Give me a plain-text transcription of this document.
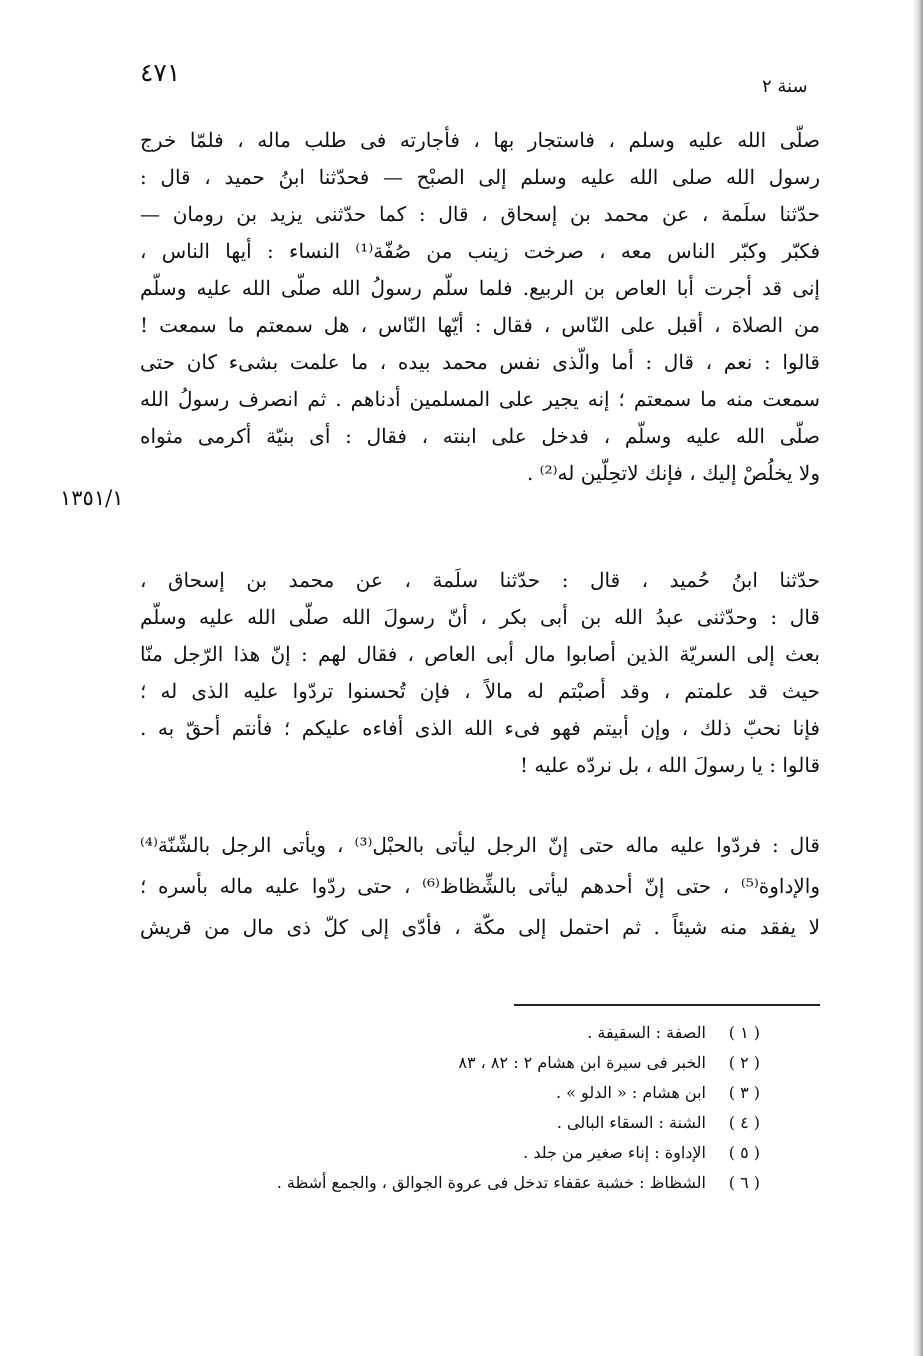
٤٧١	سنة ٢
١٣٥١/١
صلّى الله عليه وسلم ، فاستجار بها ، فأجارته فى طلب ماله ، فلمّا خرج
رسول الله صلى الله عليه وسلم إلى الصبْح — فحدّثنا ابنُ حميد ، قال :
حدّثنا سلَمة ، عن محمد بن إسحاق ، قال : كما حدّثنى يزيد بن رومان —
فكبّر وكبّر الناس معه ، صرخت زينب من صُفّة⁽¹⁾ النساء : أيها الناس ،
إنى قد أجرت أبا العاص بن الربيع. فلما سلّم رسولُ الله صلّى الله عليه وسلّم
من الصلاة ، أقبل على النّاس ، فقال : أيّها النّاس ، هل سمعتم ما سمعت !
قالوا : نعم ، قال : أما والّذى نفس محمد بيده ، ما علمت بشىء كان حتى
سمعت منه ما سمعتم ؛ إنه يجير على المسلمين أدناهم . ثم انصرف رسولُ الله
صلّى الله عليه وسلّم ، فدخل على ابنته ، فقال : أى بنيّة أكرمى مثواه
ولا يخلُصْ إليك ، فإنك لاتحِلّين له⁽²⁾ .
حدّثنا ابنُ حُميد ، قال : حدّثنا سلَمة ، عن محمد بن إسحاق ،
قال : وحدّثنى عبدُ الله بن أبى بكر ، أنّ رسولَ الله صلّى الله عليه وسلّم
بعث إلى السريّة الذين أصابوا مال أبى العاص ، فقال لهم : إنّ هذا الرّجل منّا
حيث قد علمتم ، وقد أصبْتم له مالاً ، فإن تُحسنوا تردّوا عليه الذى له ؛
فإنا نحبّ ذلك ، وإن أبيتم فهو فىء الله الذى أفاءه عليكم ؛ فأنتم أحقّ به .
قالوا : يا رسولَ الله ، بل نردّه عليه !
قال : فردّوا عليه ماله حتى إنّ الرجل ليأتى بالحبْل⁽³⁾ ، ويأتى الرجل بالشّنّة⁽⁴⁾
والإداوة⁽⁵⁾ ، حتى إنّ أحدهم ليأتى بالشِّظاظ⁽⁶⁾ ، حتى ردّوا عليه ماله بأسره ؛
لا يفقد منه شيئاً . ثم احتمل إلى مكّة ، فأدّى إلى كلّ ذى مال من قريش
( ١ )الصفة : السقيفة .
( ٢ )الخبر فى سيرة ابن هشام ٢ : ٨٢ ، ٨٣
( ٣ )ابن هشام : « الدلو » .
( ٤ )الشنة : السقاء البالى .
( ٥ )الإداوة : إناء صغير من جلد .
( ٦ )الشظاظ : خشبة عقفاء تدخل فى عروة الجوالق ، والجمع أشظة .
